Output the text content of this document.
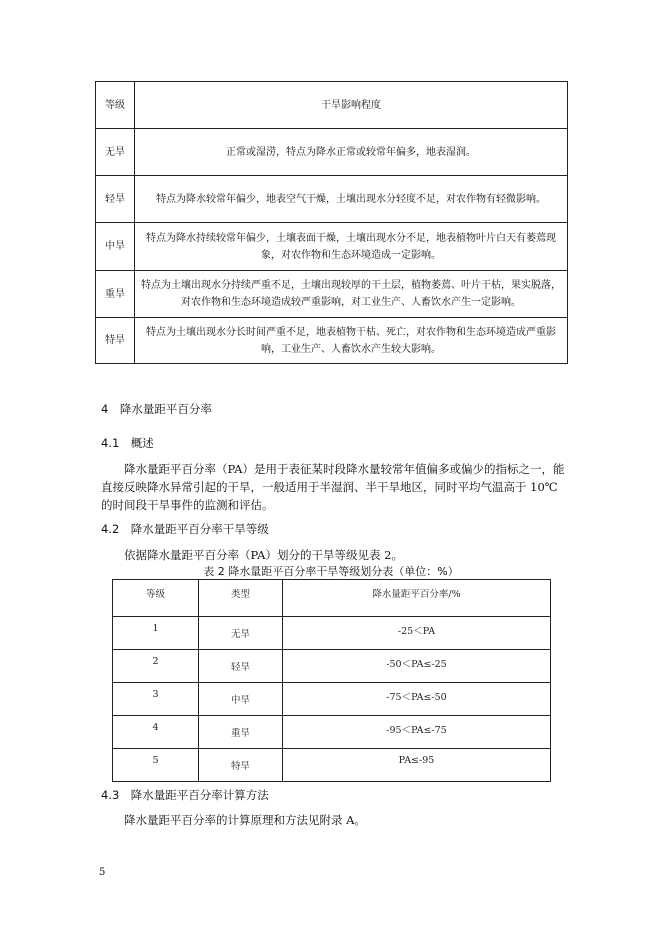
等级	干旱影响程度
无旱	正常或湿涝，特点为降水正常或较常年偏多，地表湿润。
轻旱	特点为降水较常年偏少，地表空气干燥，土壤出现水分轻度不足，对农作物有轻微影响。
中旱	特点为降水持续较常年偏少，土壤表面干燥，土壤出现水分不足，地表植物叶片白天有萎蔫现象，对农作物和生态环境造成一定影响。
重旱	特点为土壤出现水分持续严重不足，土壤出现较厚的干土层，植物萎蔫、叶片干枯，果实脱落，对农作物和生态环境造成较严重影响，对工业生产、人畜饮水产生一定影响。
特旱	特点为土壤出现水分长时间严重不足，地表植物干枯、死亡，对农作物和生态环境造成严重影响，工业生产、人畜饮水产生较大影响。
4　降水量距平百分率
4.1　概述
降水量距平百分率（PA）是用于表征某时段降水量较常年值偏多或偏少的指标之一，能直接反映降水异常引起的干旱，一般适用于半湿润、半干旱地区，同时平均气温高于 10℃的时间段干旱事件的监测和评估。
4.2　降水量距平百分率干旱等级
依据降水量距平百分率（PA）划分的干旱等级见表 2。
表 2 降水量距平百分率干旱等级划分表（单位：%）
等级	类型	降水量距平百分率/%
1	无旱	-25＜PA
2	轻旱	-50＜PA≤-25
3	中旱	-75＜PA≤-50
4	重旱	-95＜PA≤-75
5	特旱	PA≤-95
4.3　降水量距平百分率计算方法
降水量距平百分率的计算原理和方法见附录 A。
5
